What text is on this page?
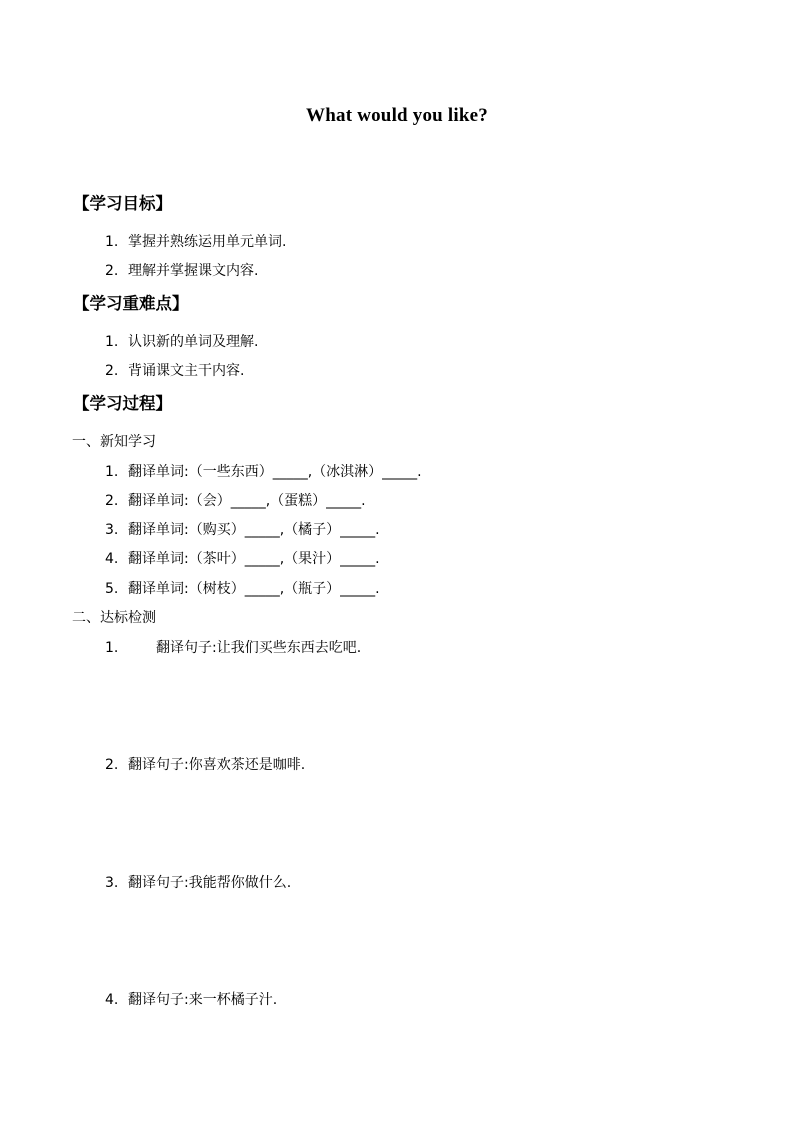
What would you like?
【学习目标】
1. 掌握并熟练运用单元单词.
2. 理解并掌握课文内容.
【学习重难点】
1. 认识新的单词及理解.
2. 背诵课文主干内容.
【学习过程】
一、新知学习
1. 翻译单词:（一些东西）_____,（冰淇淋）_____.
2. 翻译单词:（会）_____,（蛋糕）_____.
3. 翻译单词:（购买）_____,（橘子）_____.
4. 翻译单词:（茶叶）_____,（果汁）_____.
5. 翻译单词:（树枝）_____,（瓶子）_____.
二、达标检测
1.	翻译句子:让我们买些东西去吃吧.
2. 翻译句子:你喜欢茶还是咖啡.
3. 翻译句子:我能帮你做什么.
4. 翻译句子:来一杯橘子汁.
